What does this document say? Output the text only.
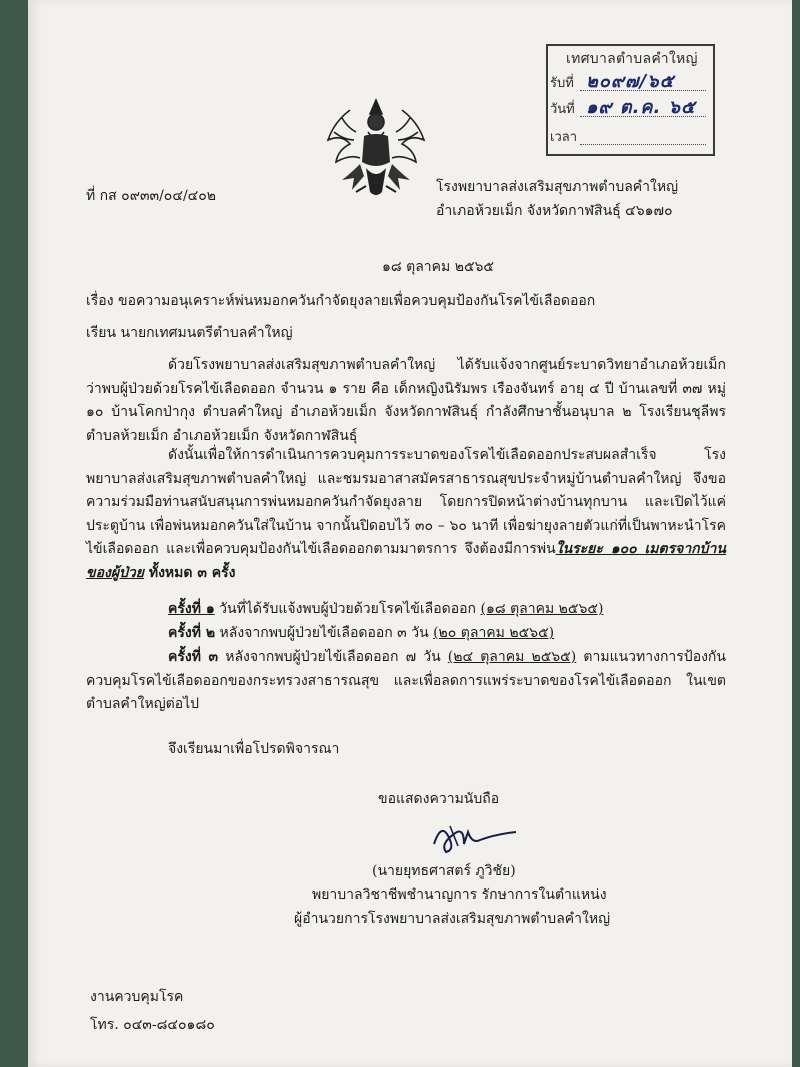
เทศบาลตำบลคำใหญ่
รับที่ ๒๐๙๗/๖๕
วันที่ ๑๙ ต.ค. ๖๕
เวลา
ที่ กส ๐๙๓๓/๐๔/๔๐๒
โรงพยาบาลส่งเสริมสุขภาพตำบลคำใหญ่
อำเภอห้วยเม็ก จังหวัดกาฬสินธุ์ ๔๖๑๗๐
๑๘ ตุลาคม ๒๕๖๕
เรื่อง ขอความอนุเคราะห์พ่นหมอกควันกำจัดยุงลายเพื่อควบคุมป้องกันโรคไข้เลือดออก
เรียน นายกเทศมนตรีตำบลคำใหญ่
ด้วยโรงพยาบาลส่งเสริมสุขภาพตำบลคำใหญ่ ได้รับแจ้งจากศูนย์ระบาดวิทยาอำเภอห้วยเม็ก ว่าพบผู้ป่วยด้วยโรคไข้เลือดออก จำนวน ๑ ราย คือ เด็กหญิงนิรัมพร เรืองจันทร์ อายุ ๔ ปี บ้านเลขที่ ๓๗ หมู่ ๑๐ บ้านโคกป่ากุง ตำบลคำใหญ่ อำเภอห้วยเม็ก จังหวัดกาฬสินธุ์ กำลังศึกษาชั้นอนุบาล ๒ โรงเรียนชุลีพร ตำบลห้วยเม็ก อำเภอห้วยเม็ก จังหวัดกาฬสินธุ์
ดังนั้นเพื่อให้การดำเนินการควบคุมการระบาดของโรคไข้เลือดออกประสบผลสำเร็จ โรงพยาบาลส่งเสริมสุขภาพตำบลคำใหญ่ และชมรมอาสาสมัครสาธารณสุขประจำหมู่บ้านตำบลคำใหญ่ จึงขอความร่วมมือท่านสนับสนุนการพ่นหมอกควันกำจัดยุงลาย โดยการปิดหน้าต่างบ้านทุกบาน และเปิดไว้แค่ประตูบ้าน เพื่อพ่นหมอกควันใส่ในบ้าน จากนั้นปิดอบไว้ ๓๐ – ๖๐ นาที เพื่อฆ่ายุงลายตัวแก่ที่เป็นพาหะนำโรคไข้เลือดออก และเพื่อควบคุมป้องกันไข้เลือดออกตามมาตรการ จึงต้องมีการพ่นในระยะ ๑๐๐ เมตรจากบ้านของผู้ป่วย ทั้งหมด ๓ ครั้ง
ครั้งที่ ๑ วันที่ได้รับแจ้งพบผู้ป่วยด้วยโรคไข้เลือดออก (๑๘ ตุลาคม ๒๕๖๕)
ครั้งที่ ๒ หลังจากพบผู้ป่วยไข้เลือดออก ๓ วัน (๒๐ ตุลาคม ๒๕๖๕)
ครั้งที่ ๓ หลังจากพบผู้ป่วยไข้เลือดออก ๗ วัน (๒๔ ตุลาคม ๒๕๖๕) ตามแนวทางการป้องกันควบคุมโรคไข้เลือดออกของกระทรวงสาธารณสุข และเพื่อลดการแพร่ระบาดของโรคไข้เลือดออก ในเขตตำบลคำใหญ่ต่อไป
จึงเรียนมาเพื่อโปรดพิจารณา
ขอแสดงความนับถือ
(นายยุทธศาสตร์ ภูวิชัย)
พยาบาลวิชาชีพชำนาญการ รักษาการในตำแหน่ง
ผู้อำนวยการโรงพยาบาลส่งเสริมสุขภาพตำบลคำใหญ่
งานควบคุมโรค
โทร. ๐๔๓-๘๔๐๑๘๐
